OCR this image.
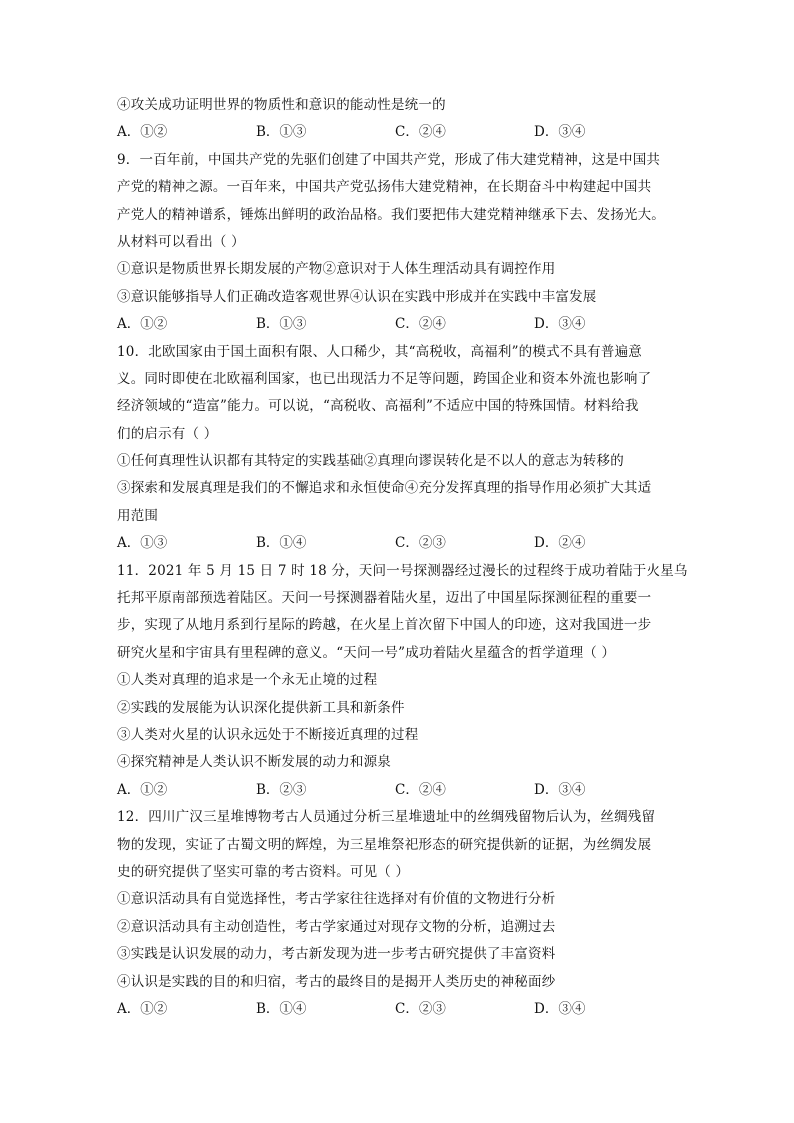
④攻关成功证明世界的物质性和意识的能动性是统一的
A．①②	B．①③	C．②④	D．③④
9．一百年前，中国共产党的先驱们创建了中国共产党，形成了伟大建党精神，这是中国共
产党的精神之源。一百年来，中国共产党弘扬伟大建党精神，在长期奋斗中构建起中国共
产党人的精神谱系，锤炼出鲜明的政治品格。我们要把伟大建党精神继承下去、发扬光大。
从材料可以看出（ ）
①意识是物质世界长期发展的产物②意识对于人体生理活动具有调控作用
③意识能够指导人们正确改造客观世界④认识在实践中形成并在实践中丰富发展
A．①②	B．①③	C．②④	D．③④
10．北欧国家由于国土面积有限、人口稀少，其“高税收，高福利”的模式不具有普遍意
义。同时即使在北欧福利国家，也已出现活力不足等问题，跨国企业和资本外流也影响了
经济领域的“造富”能力。可以说，“高税收、高福利”不适应中国的特殊国情。材料给我
们的启示有（ ）
①任何真理性认识都有其特定的实践基础②真理向谬误转化是不以人的意志为转移的
③探索和发展真理是我们的不懈追求和永恒使命④充分发挥真理的指导作用必须扩大其适
用范围
A．①③	B．①④	C．②③	D．②④
11．2021 年 5 月 15 日 7 时 18 分，天问一号探测器经过漫长的过程终于成功着陆于火星乌
托邦平原南部预选着陆区。天问一号探测器着陆火星，迈出了中国星际探测征程的重要一
步，实现了从地月系到行星际的跨越，在火星上首次留下中国人的印迹，这对我国进一步
研究火星和宇宙具有里程碑的意义。“天问一号”成功着陆火星蕴含的哲学道理（ ）
①人类对真理的追求是一个永无止境的过程
②实践的发展能为认识深化提供新工具和新条件
③人类对火星的认识永远处于不断接近真理的过程
④探究精神是人类认识不断发展的动力和源泉
A．①②	B．②③	C．②④	D．③④
12．四川广汉三星堆博物考古人员通过分析三星堆遗址中的丝绸残留物后认为，丝绸残留
物的发现，实证了古蜀文明的辉煌，为三星堆祭祀形态的研究提供新的证据，为丝绸发展
史的研究提供了坚实可靠的考古资料。可见（ ）
①意识活动具有自觉选择性，考古学家往往选择对有价值的文物进行分析
②意识活动具有主动创造性，考古学家通过对现存文物的分析，追溯过去
③实践是认识发展的动力，考古新发现为进一步考古研究提供了丰富资料
④认识是实践的目的和归宿，考古的最终目的是揭开人类历史的神秘面纱
A．①②	B．①④	C．②③	D．③④
